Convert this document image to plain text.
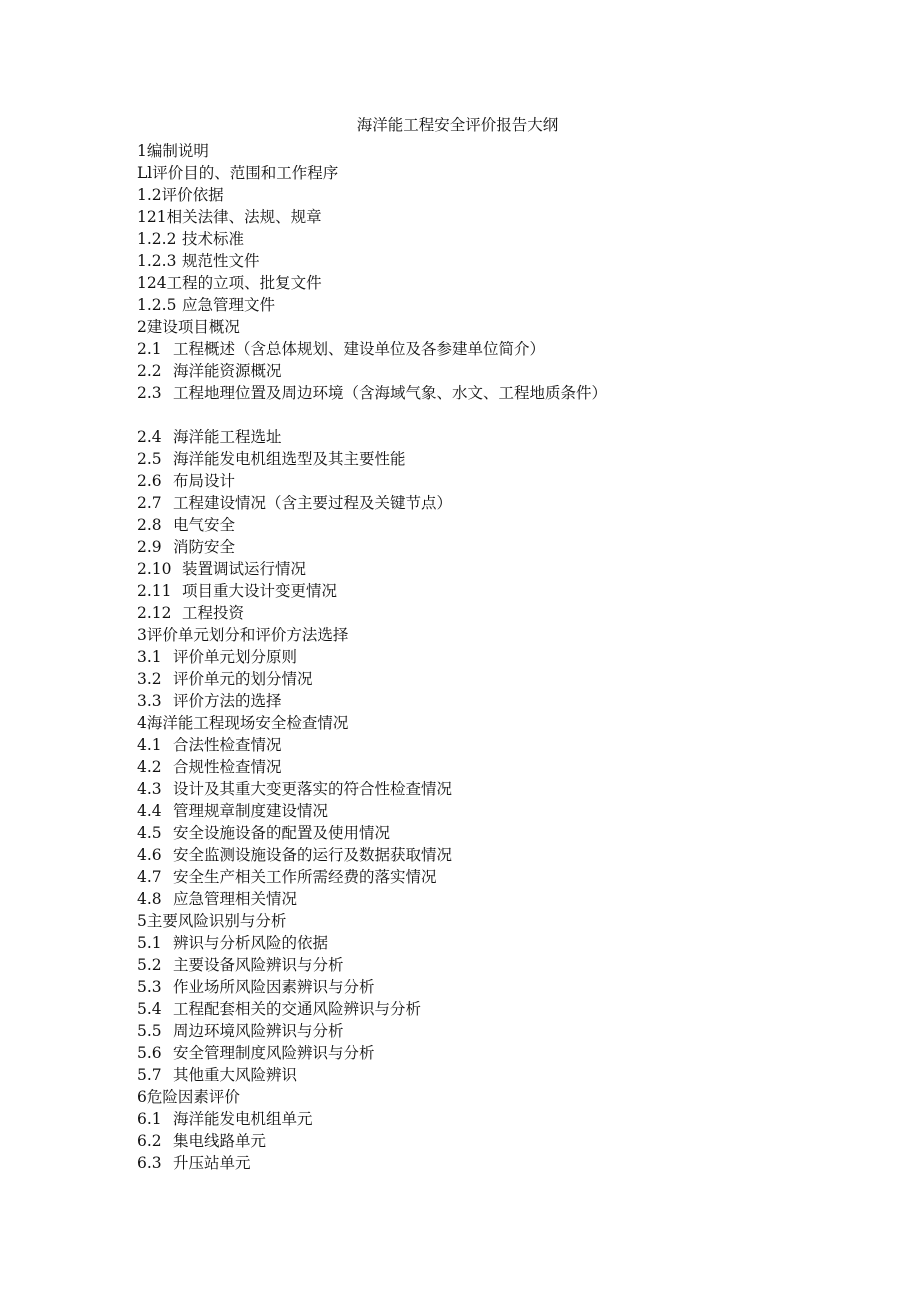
海洋能工程安全评价报告大纲
1编制说明
Ll评价目的、范围和工作程序
1.2评价依据
121相关法律、法规、规章
1.2.2 技术标准
1.2.3 规范性文件
124工程的立项、批复文件
1.2.5 应急管理文件
2建设项目概况
2.1 工程概述（含总体规划、建设单位及各参建单位简介）
2.2 海洋能资源概况
2.3 工程地理位置及周边环境（含海域气象、水文、工程地质条件）
2.4 海洋能工程选址
2.5 海洋能发电机组选型及其主要性能
2.6 布局设计
2.7 工程建设情况（含主要过程及关键节点）
2.8 电气安全
2.9 消防安全
2.10 装置调试运行情况
2.11 项目重大设计变更情况
2.12 工程投资
3评价单元划分和评价方法选择
3.1 评价单元划分原则
3.2 评价单元的划分情况
3.3 评价方法的选择
4海洋能工程现场安全检查情况
4.1 合法性检查情况
4.2 合规性检查情况
4.3 设计及其重大变更落实的符合性检查情况
4.4 管理规章制度建设情况
4.5 安全设施设备的配置及使用情况
4.6 安全监测设施设备的运行及数据获取情况
4.7 安全生产相关工作所需经费的落实情况
4.8 应急管理相关情况
5主要风险识别与分析
5.1 辨识与分析风险的依据
5.2 主要设备风险辨识与分析
5.3 作业场所风险因素辨识与分析
5.4 工程配套相关的交通风险辨识与分析
5.5 周边环境风险辨识与分析
5.6 安全管理制度风险辨识与分析
5.7 其他重大风险辨识
6危险因素评价
6.1 海洋能发电机组单元
6.2 集电线路单元
6.3 升压站单元
